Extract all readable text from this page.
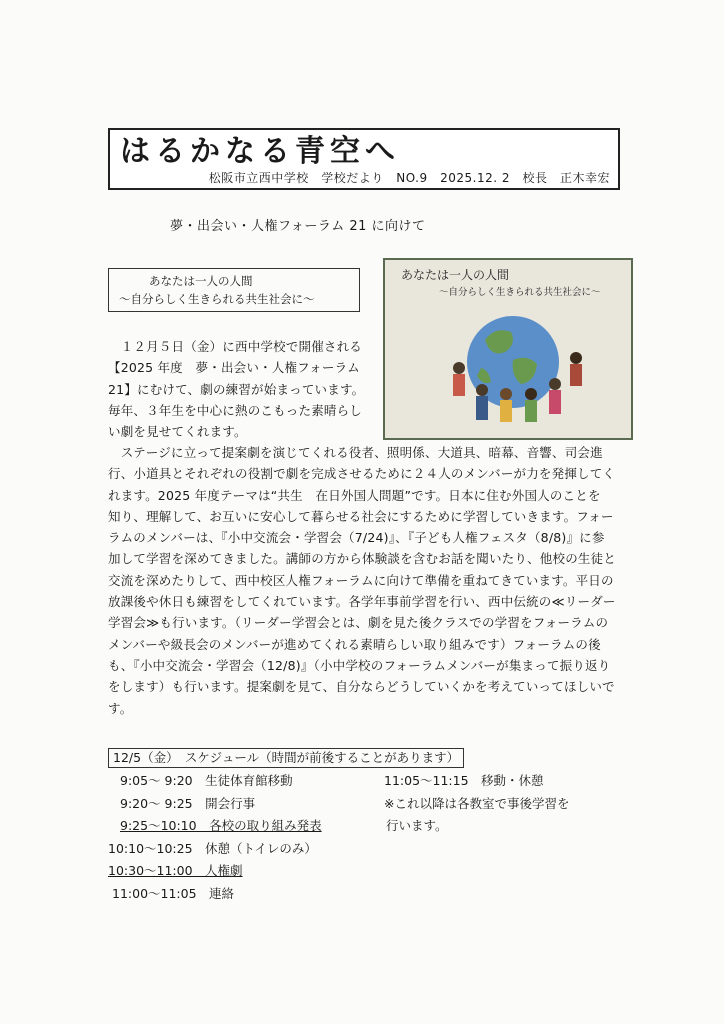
はるかなる青空へ
松阪市立西中学校　学校だより　NO.9　2025.12. 2　校長　正木幸宏
夢・出会い・人権フォーラム 21 に向けて
あなたは一人の人間
～自分らしく生きられる共生社会に～
あなたは一人の人間
～自分らしく生きられる共生社会に～
　１２月５日（金）に西中学校で開催される
【2025 年度　夢・出会い・人権フォーラム
21】にむけて、劇の練習が始まっています。
毎年、３年生を中心に熱のこもった素晴らし
い劇を見せてくれます。
　ステージに立って提案劇を演じてくれる役者、照明係、大道具、暗幕、音響、司会進
行、小道具とそれぞれの役割で劇を完成させるために２４人のメンバーが力を発揮してく
れます。2025 年度テーマは“共生　在日外国人問題”です。日本に住む外国人のことを
知り、理解して、お互いに安心して暮らせる社会にするために学習していきます。フォー
ラムのメンバーは、『小中交流会・学習会（7/24)』、『子ども人権フェスタ（8/8)』に参
加して学習を深めてきました。講師の方から体験談を含むお話を聞いたり、他校の生徒と
交流を深めたりして、西中校区人権フォーラムに向けて準備を重ねてきています。平日の
放課後や休日も練習をしてくれています。各学年事前学習を行い、西中伝統の≪リーダー
学習会≫も行います。（リーダー学習会とは、劇を見た後クラスでの学習をフォーラムの
メンバーや級長会のメンバーが進めてくれる素晴らしい取り組みです）フォーラムの後
も、『小中交流会・学習会（12/8)』（小中学校のフォーラムメンバーが集まって振り返り
をします）も行います。提案劇を見て、自分ならどうしていくかを考えていってほしいで
す。
12/5（金）　スケジュール（時間が前後することがあります）
9:05～ 9:20　生徒体育館移動
9:20～ 9:25　開会行事
9:25～10:10　各校の取り組み発表
10:10～10:25　休憩（トイレのみ）
10:30～11:00　人権劇
11:00～11:05　連絡
11:05～11:15　移動・休憩
※これ以降は各教室で事後学習を
行います。
